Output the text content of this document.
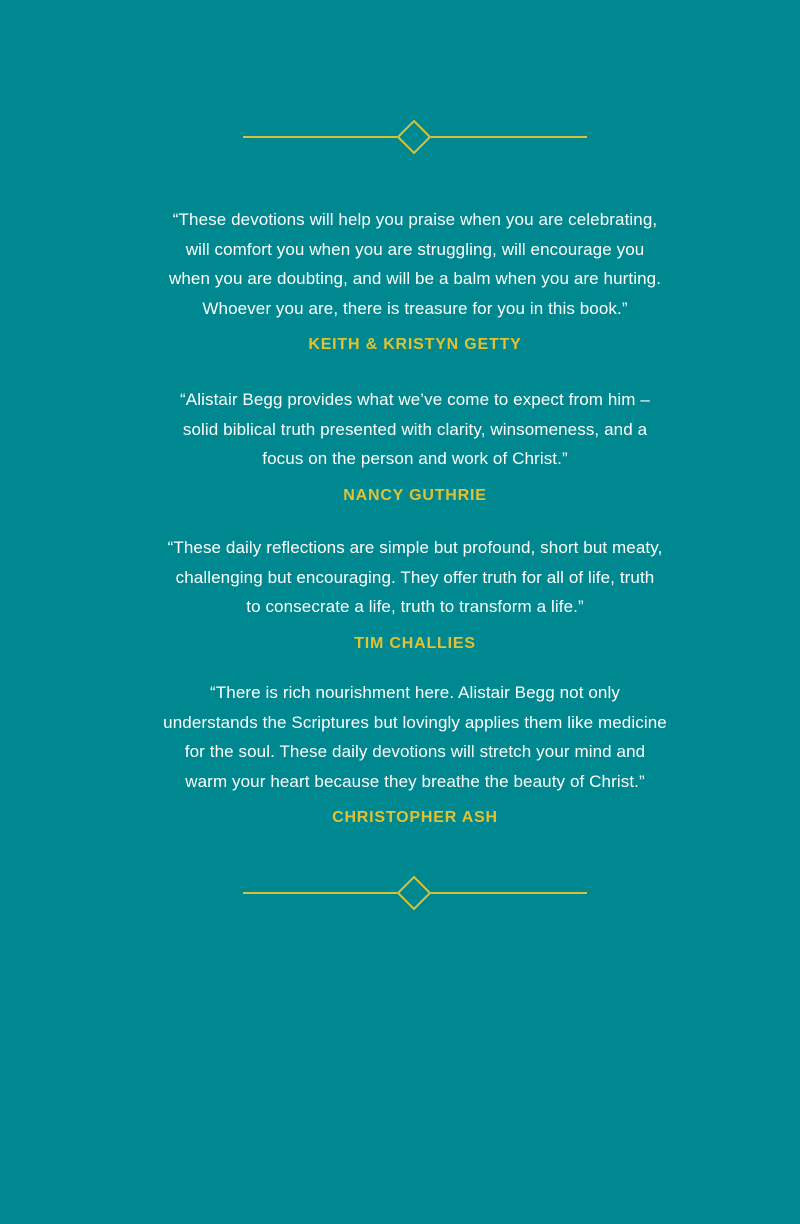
“These devotions will help you praise when you are celebrating,
will comfort you when you are struggling, will encourage you
when you are doubting, and will be a balm when you are hurting.
Whoever you are, there is treasure for you in this book.”

KEITH & KRISTYN GETTY

“Alistair Begg provides what we’ve come to expect from him –
solid biblical truth presented with clarity, winsomeness, and a
focus on the person and work of Christ.”

NANCY GUTHRIE

“These daily reflections are simple but profound, short but meaty,
challenging but encouraging. They offer truth for all of life, truth
to consecrate a life, truth to transform a life.”

TIM CHALLIES

“There is rich nourishment here. Alistair Begg not only
understands the Scriptures but lovingly applies them like medicine
for the soul. These daily devotions will stretch your mind and
warm your heart because they breathe the beauty of Christ.”

CHRISTOPHER ASH
